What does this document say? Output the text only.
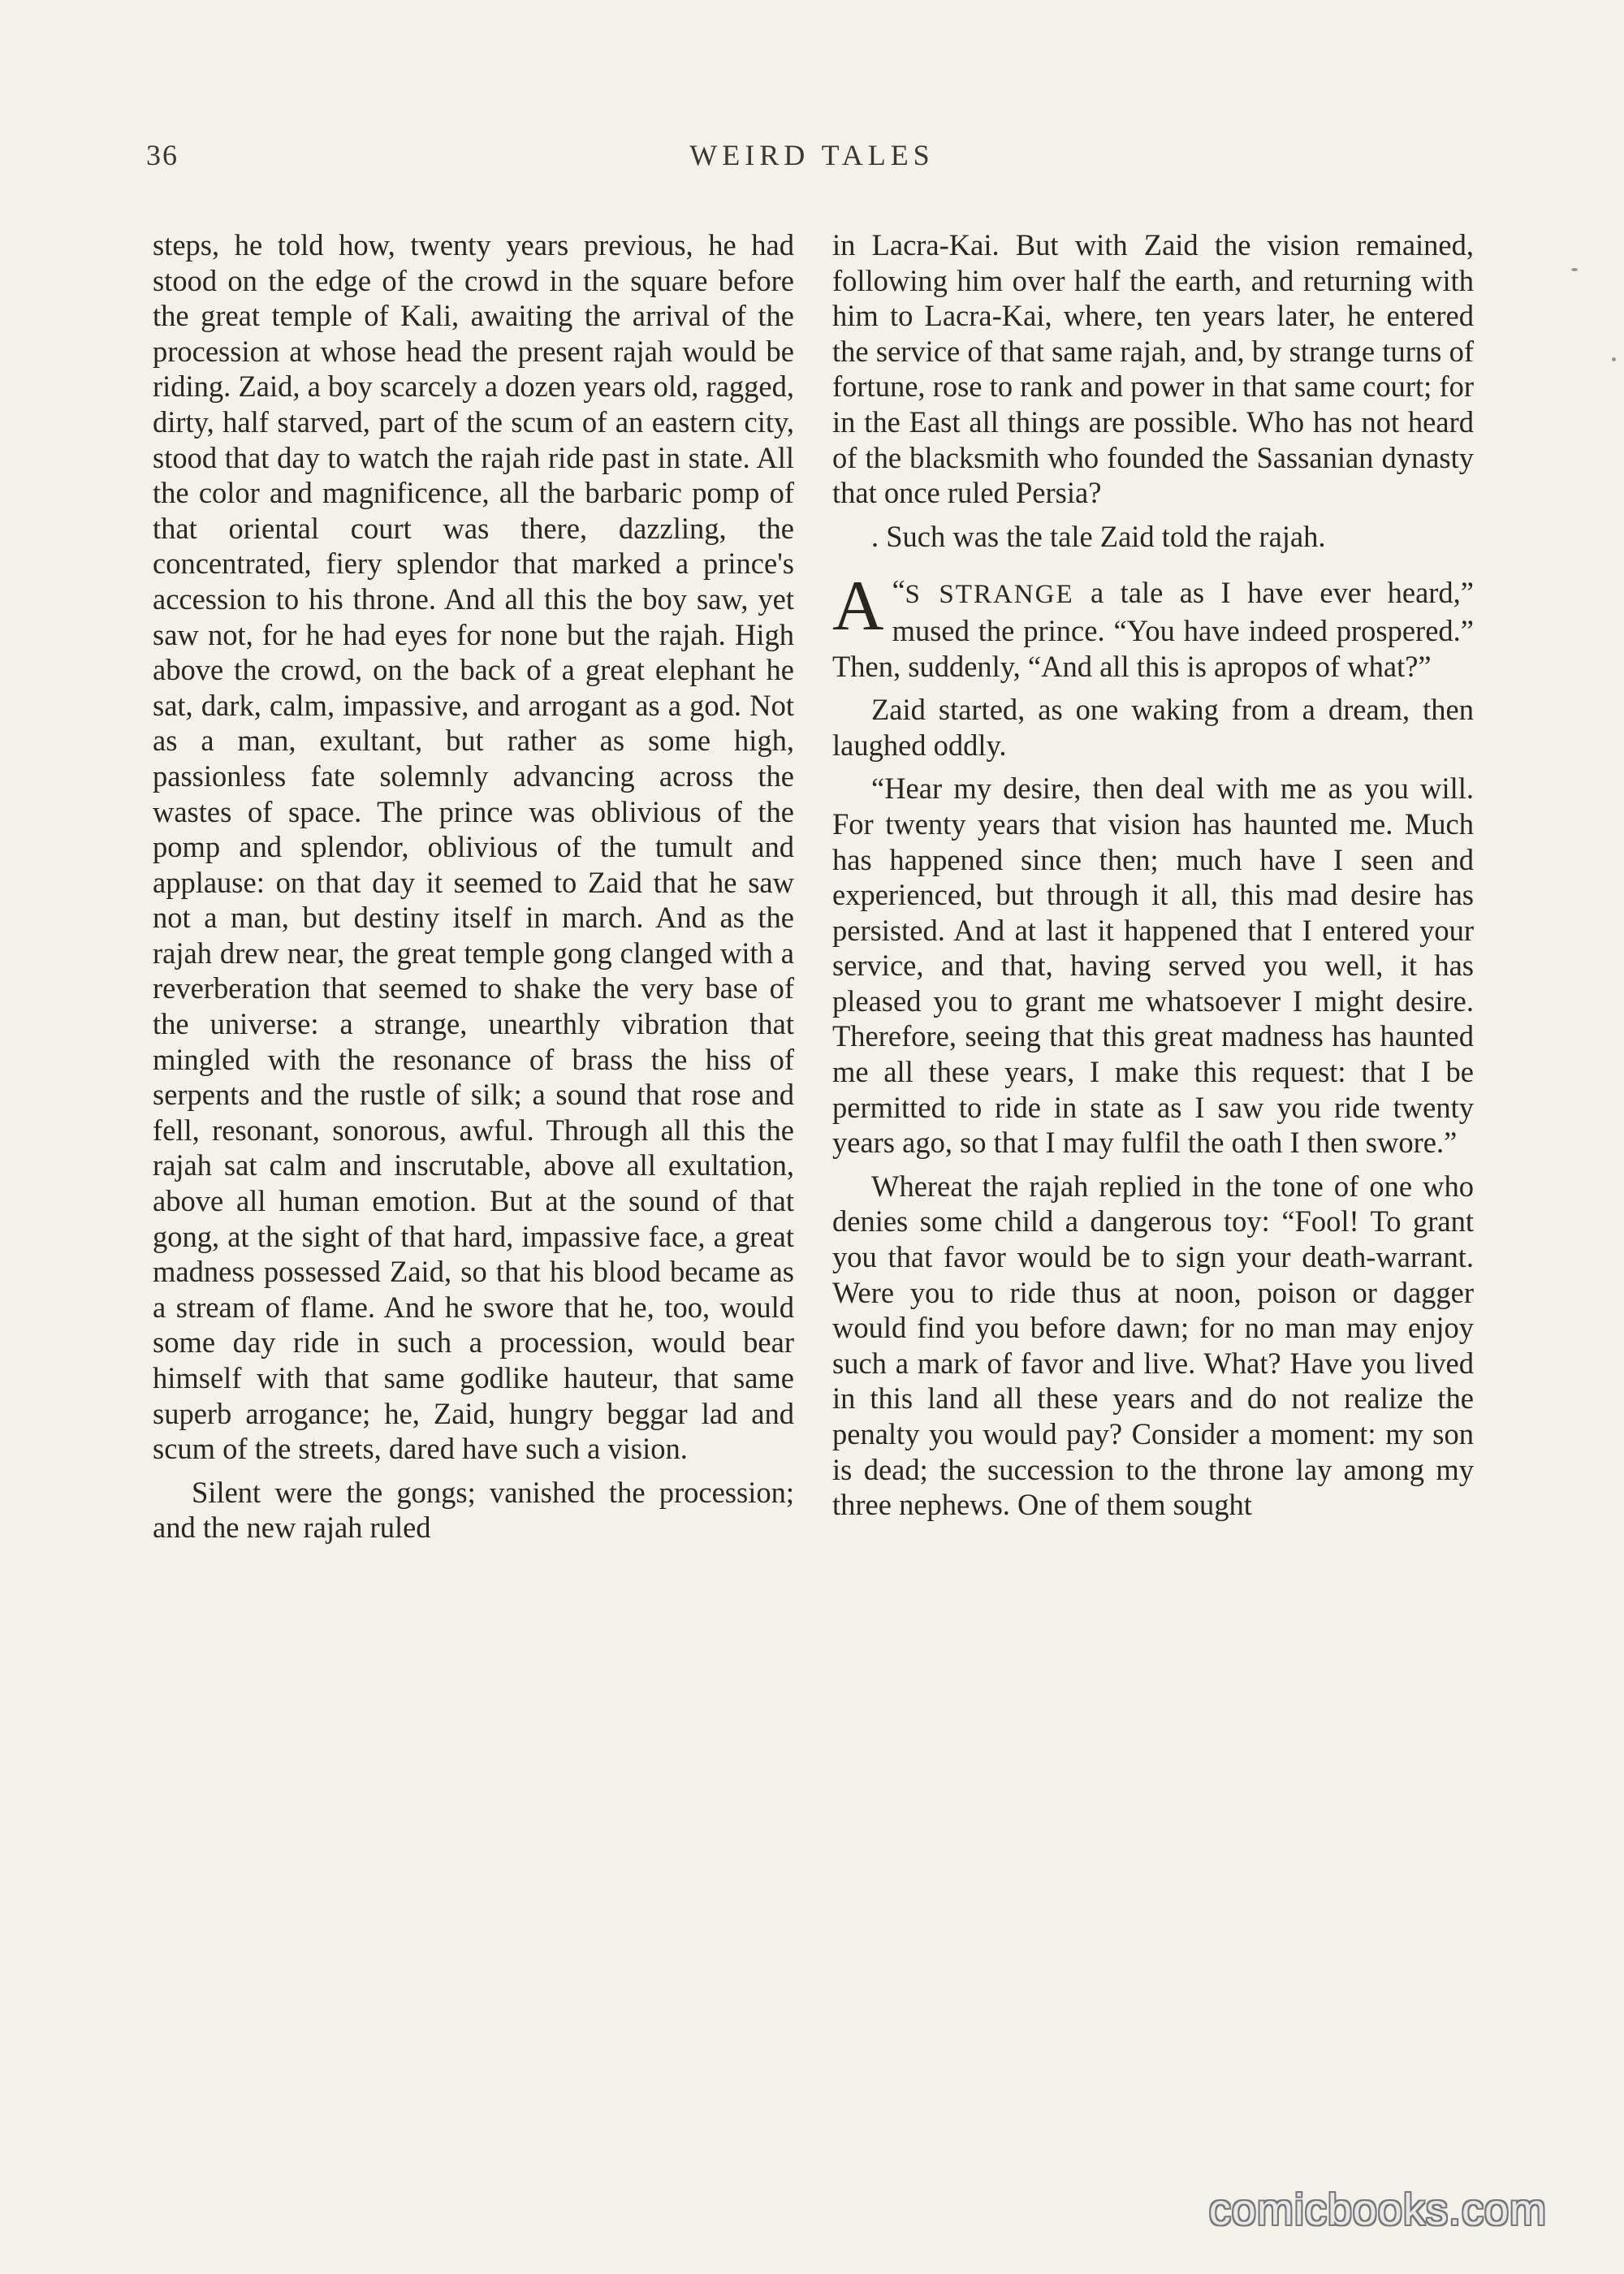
36	WEIRD TALES

steps, he told how, twenty years previous, he had stood on the edge of the crowd in the square before the great temple of Kali, awaiting the arrival of the procession at whose head the present rajah would be riding. Zaid, a boy scarcely a dozen years old, ragged, dirty, half starved, part of the scum of an eastern city, stood that day to watch the rajah ride past in state. All the color and magnificence, all the barbaric pomp of that oriental court was there, dazzling, the concentrated, fiery splendor that marked a prince's accession to his throne. And all this the boy saw, yet saw not, for he had eyes for none but the rajah. High above the crowd, on the back of a great elephant he sat, dark, calm, impassive, and arrogant as a god. Not as a man, exultant, but rather as some high, passionless fate solemnly advancing across the wastes of space. The prince was oblivious of the pomp and splendor, oblivious of the tumult and applause: on that day it seemed to Zaid that he saw not a man, but destiny itself in march. And as the rajah drew near, the great temple gong clanged with a reverberation that seemed to shake the very base of the universe: a strange, unearthly vibration that mingled with the resonance of brass the hiss of serpents and the rustle of silk; a sound that rose and fell, resonant, sonorous, awful. Through all this the rajah sat calm and inscrutable, above all exultation, above all human emotion. But at the sound of that gong, at the sight of that hard, impassive face, a great madness possessed Zaid, so that his blood became as a stream of flame. And he swore that he, too, would some day ride in such a procession, would bear himself with that same godlike hauteur, that same superb arrogance; he, Zaid, hungry beggar lad and scum of the streets, dared have such a vision.

Silent were the gongs; vanished the procession; and the new rajah ruled

in Lacra-Kai. But with Zaid the vision remained, following him over half the earth, and returning with him to Lacra-Kai, where, ten years later, he entered the service of that same rajah, and, by strange turns of fortune, rose to rank and power in that same court; for in the East all things are possible. Who has not heard of the blacksmith who founded the Sassanian dynasty that once ruled Persia?

. Such was the tale Zaid told the rajah.

“
A S STRANGE a tale as I have ever heard,” mused the prince. “You have indeed prospered.” Then, suddenly, “And all this is apropos of what?”

Zaid started, as one waking from a dream, then laughed oddly.

“Hear my desire, then deal with me as you will. For twenty years that vision has haunted me. Much has happened since then; much have I seen and experienced, but through it all, this mad desire has persisted. And at last it happened that I entered your service, and that, having served you well, it has pleased you to grant me whatsoever I might desire. Therefore, seeing that this great madness has haunted me all these years, I make this request: that I be permitted to ride in state as I saw you ride twenty years ago, so that I may fulfil the oath I then swore.”

Whereat the rajah replied in the tone of one who denies some child a dangerous toy: “Fool! To grant you that favor would be to sign your death-warrant. Were you to ride thus at noon, poison or dagger would find you before dawn; for no man may enjoy such a mark of favor and live. What? Have you lived in this land all these years and do not realize the penalty you would pay? Consider a moment: my son is dead; the succession to the throne lay among my three nephews. One of them sought

comicbooks.com
